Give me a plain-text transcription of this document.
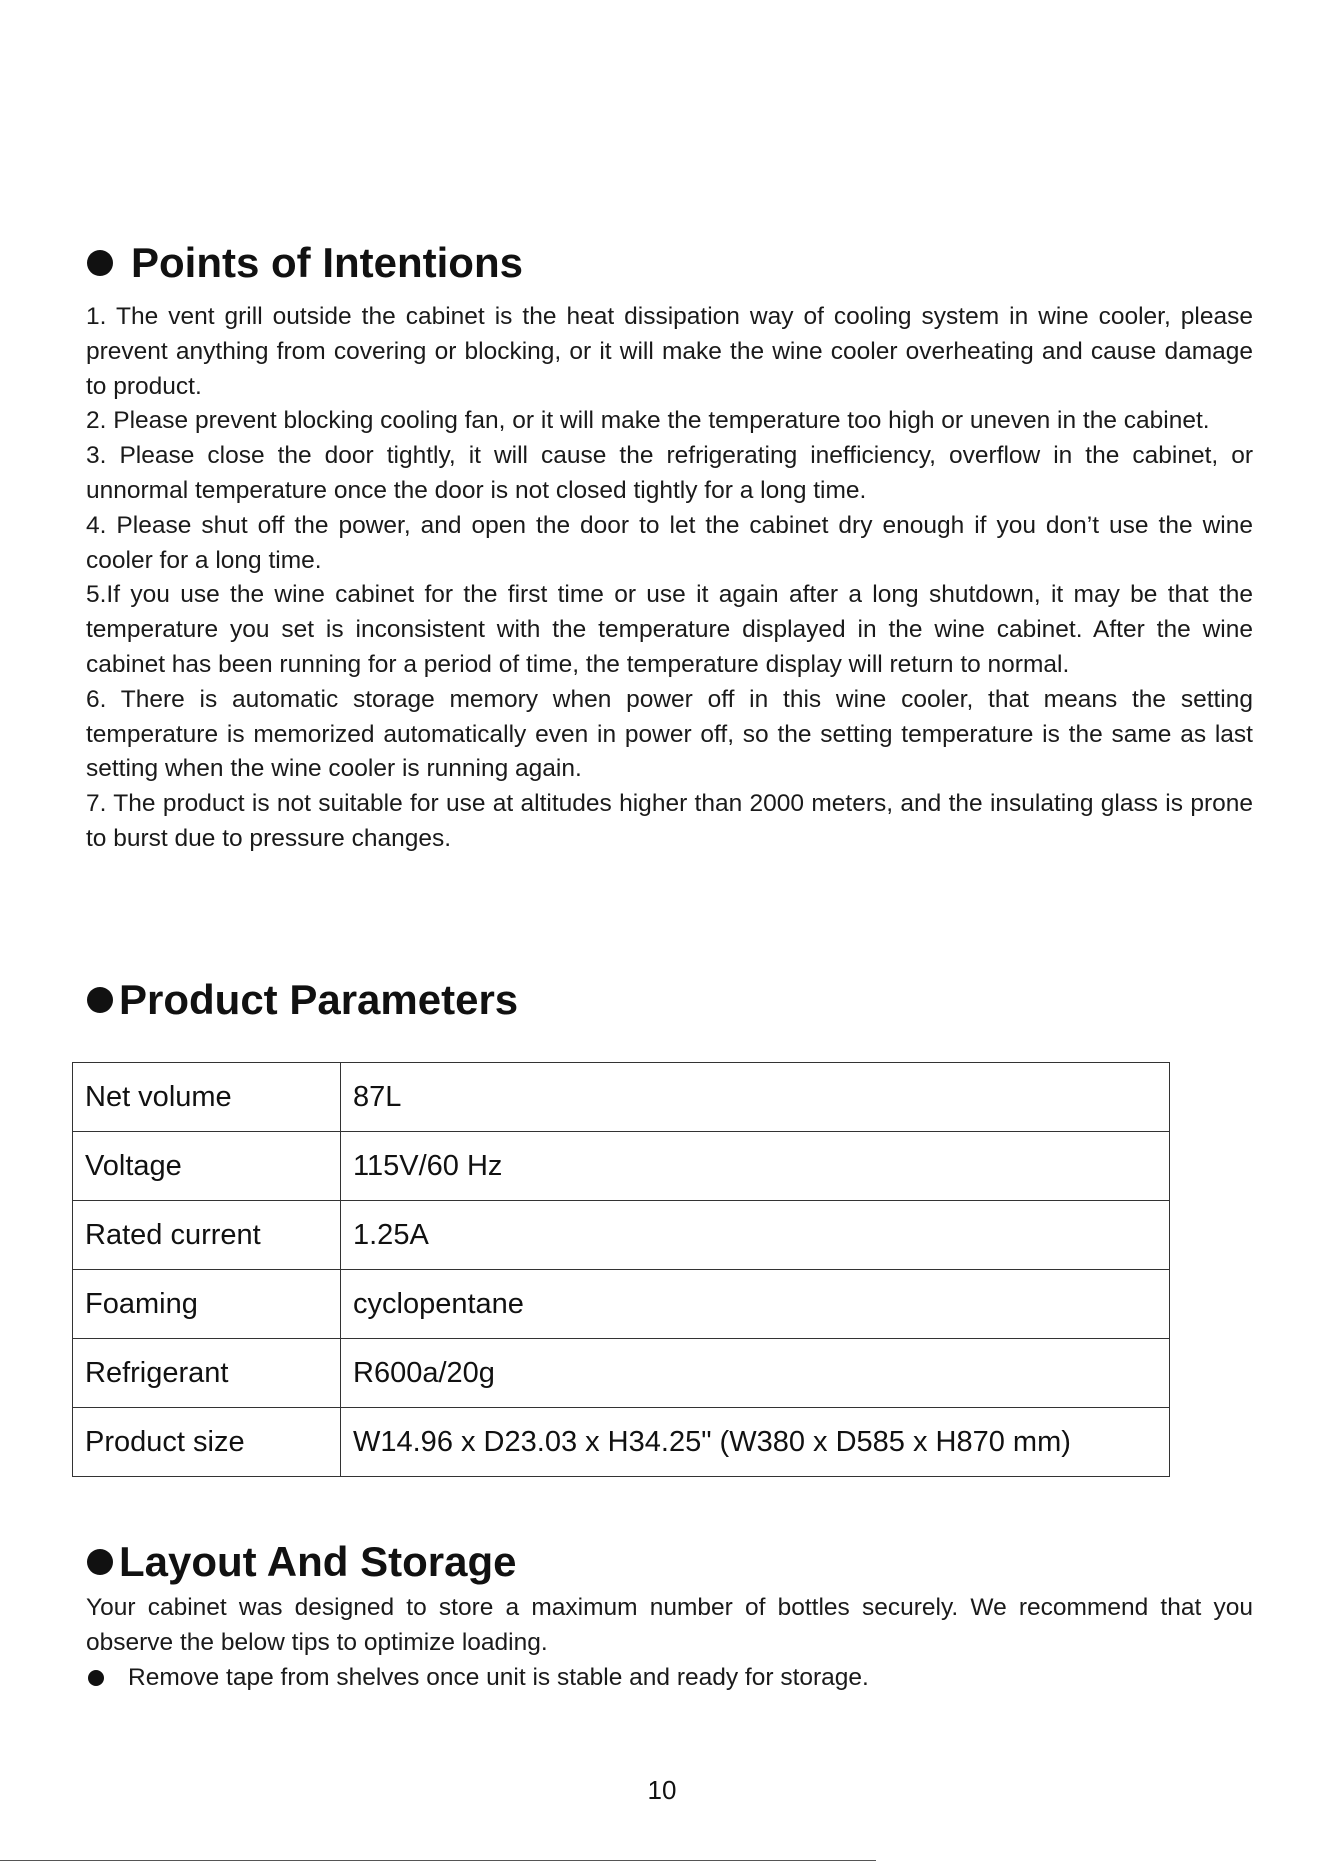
Points of Intentions

1. The vent grill outside the cabinet is the heat dissipation way of cooling system in wine cooler, please prevent anything from covering or blocking, or it will make the wine cooler overheating and cause damage to product.

2. Please prevent blocking cooling fan, or it will make the temperature too high or uneven in the cabinet.

3. Please close the door tightly, it will cause the refrigerating inefficiency, overflow in the cabinet, or unnormal temperature once the door is not closed tightly for a long time.

4. Please shut off the power, and open the door to let the cabinet dry enough if you don’t use the wine cooler for a long time.

5.If you use the wine cabinet for the first time or use it again after a long shutdown, it may be that the temperature you set is inconsistent with the temperature displayed in the wine cabinet. After the wine cabinet has been running for a period of time, the temperature display will return to normal.

6. There is automatic storage memory when power off in this wine cooler, that means the setting temperature is memorized automatically even in power off, so the setting temperature is the same as last setting when the wine cooler is running again.

7. The product is not suitable for use at altitudes higher than 2000 meters, and the insulating glass is prone to burst due to pressure changes.

Product Parameters
Net volume	87L
Voltage	115V/60 Hz
Rated current	1.25A
Foaming	cyclopentane
Refrigerant	R600a/20g
Product size	W14.96 x D23.03 x H34.25" (W380 x D585 x H870 mm)
Layout And Storage

Your cabinet was designed to store a maximum number of bottles securely. We recommend that you observe the below tips to optimize loading.

Remove tape from shelves once unit is stable and ready for storage.
10
